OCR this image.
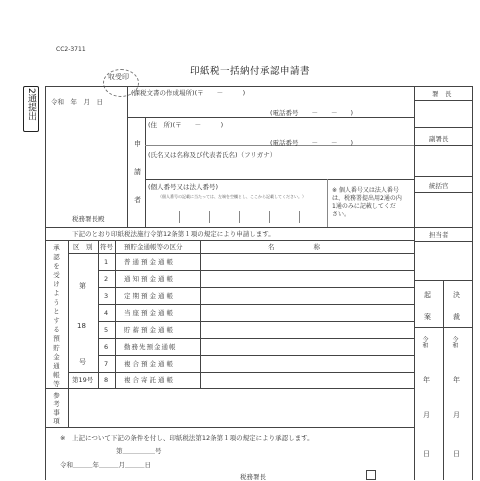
CC2-3711
収受印	印紙税一括納付承認申請書
2通提出 令和　年　月　日
税務署長殿
(課税文書の作成場所)(〒　　－　　　)
(電話番号　　－　　－　　)
申
請
者
(住　所)(〒　　－　　　)
(電話番号　　－　　－　　)
(氏名又は名称及び代表者氏名)（フリガナ）
(個人番号又は法人番号)
（個人番号の記載に当たっては、左端を空欄とし、ここから記載してください。）
※ 個人番号又は法人番号
は、税務署提出用2通の内
1通のみに記載してくだ
さい。
下記のとおり印紙税法施行令第12条第１項の規定により申請します。
区　別 符号 預貯金通帳等の区分	名　　　　　　称
承認を受けようとする預貯金通帳等	第
18
号
第19号
1 普通預金通帳
2 通知預金通帳
3 定期預金通帳
4 当座預金通帳
5 貯蓄預金通帳
6 勤務先預金通帳
7 複合預金通帳
8 複合寄託通帳
参考事項
※　上記について下記の条件を付し、印紙税法第12条第１項の規定により承認します。
第＿＿＿＿＿号
令和＿＿＿年＿＿＿月＿＿＿日
税務署長
署　長
副署長
統括官
担当者
起
案
決
裁
令和	令和
年	年
月	月
日	日
